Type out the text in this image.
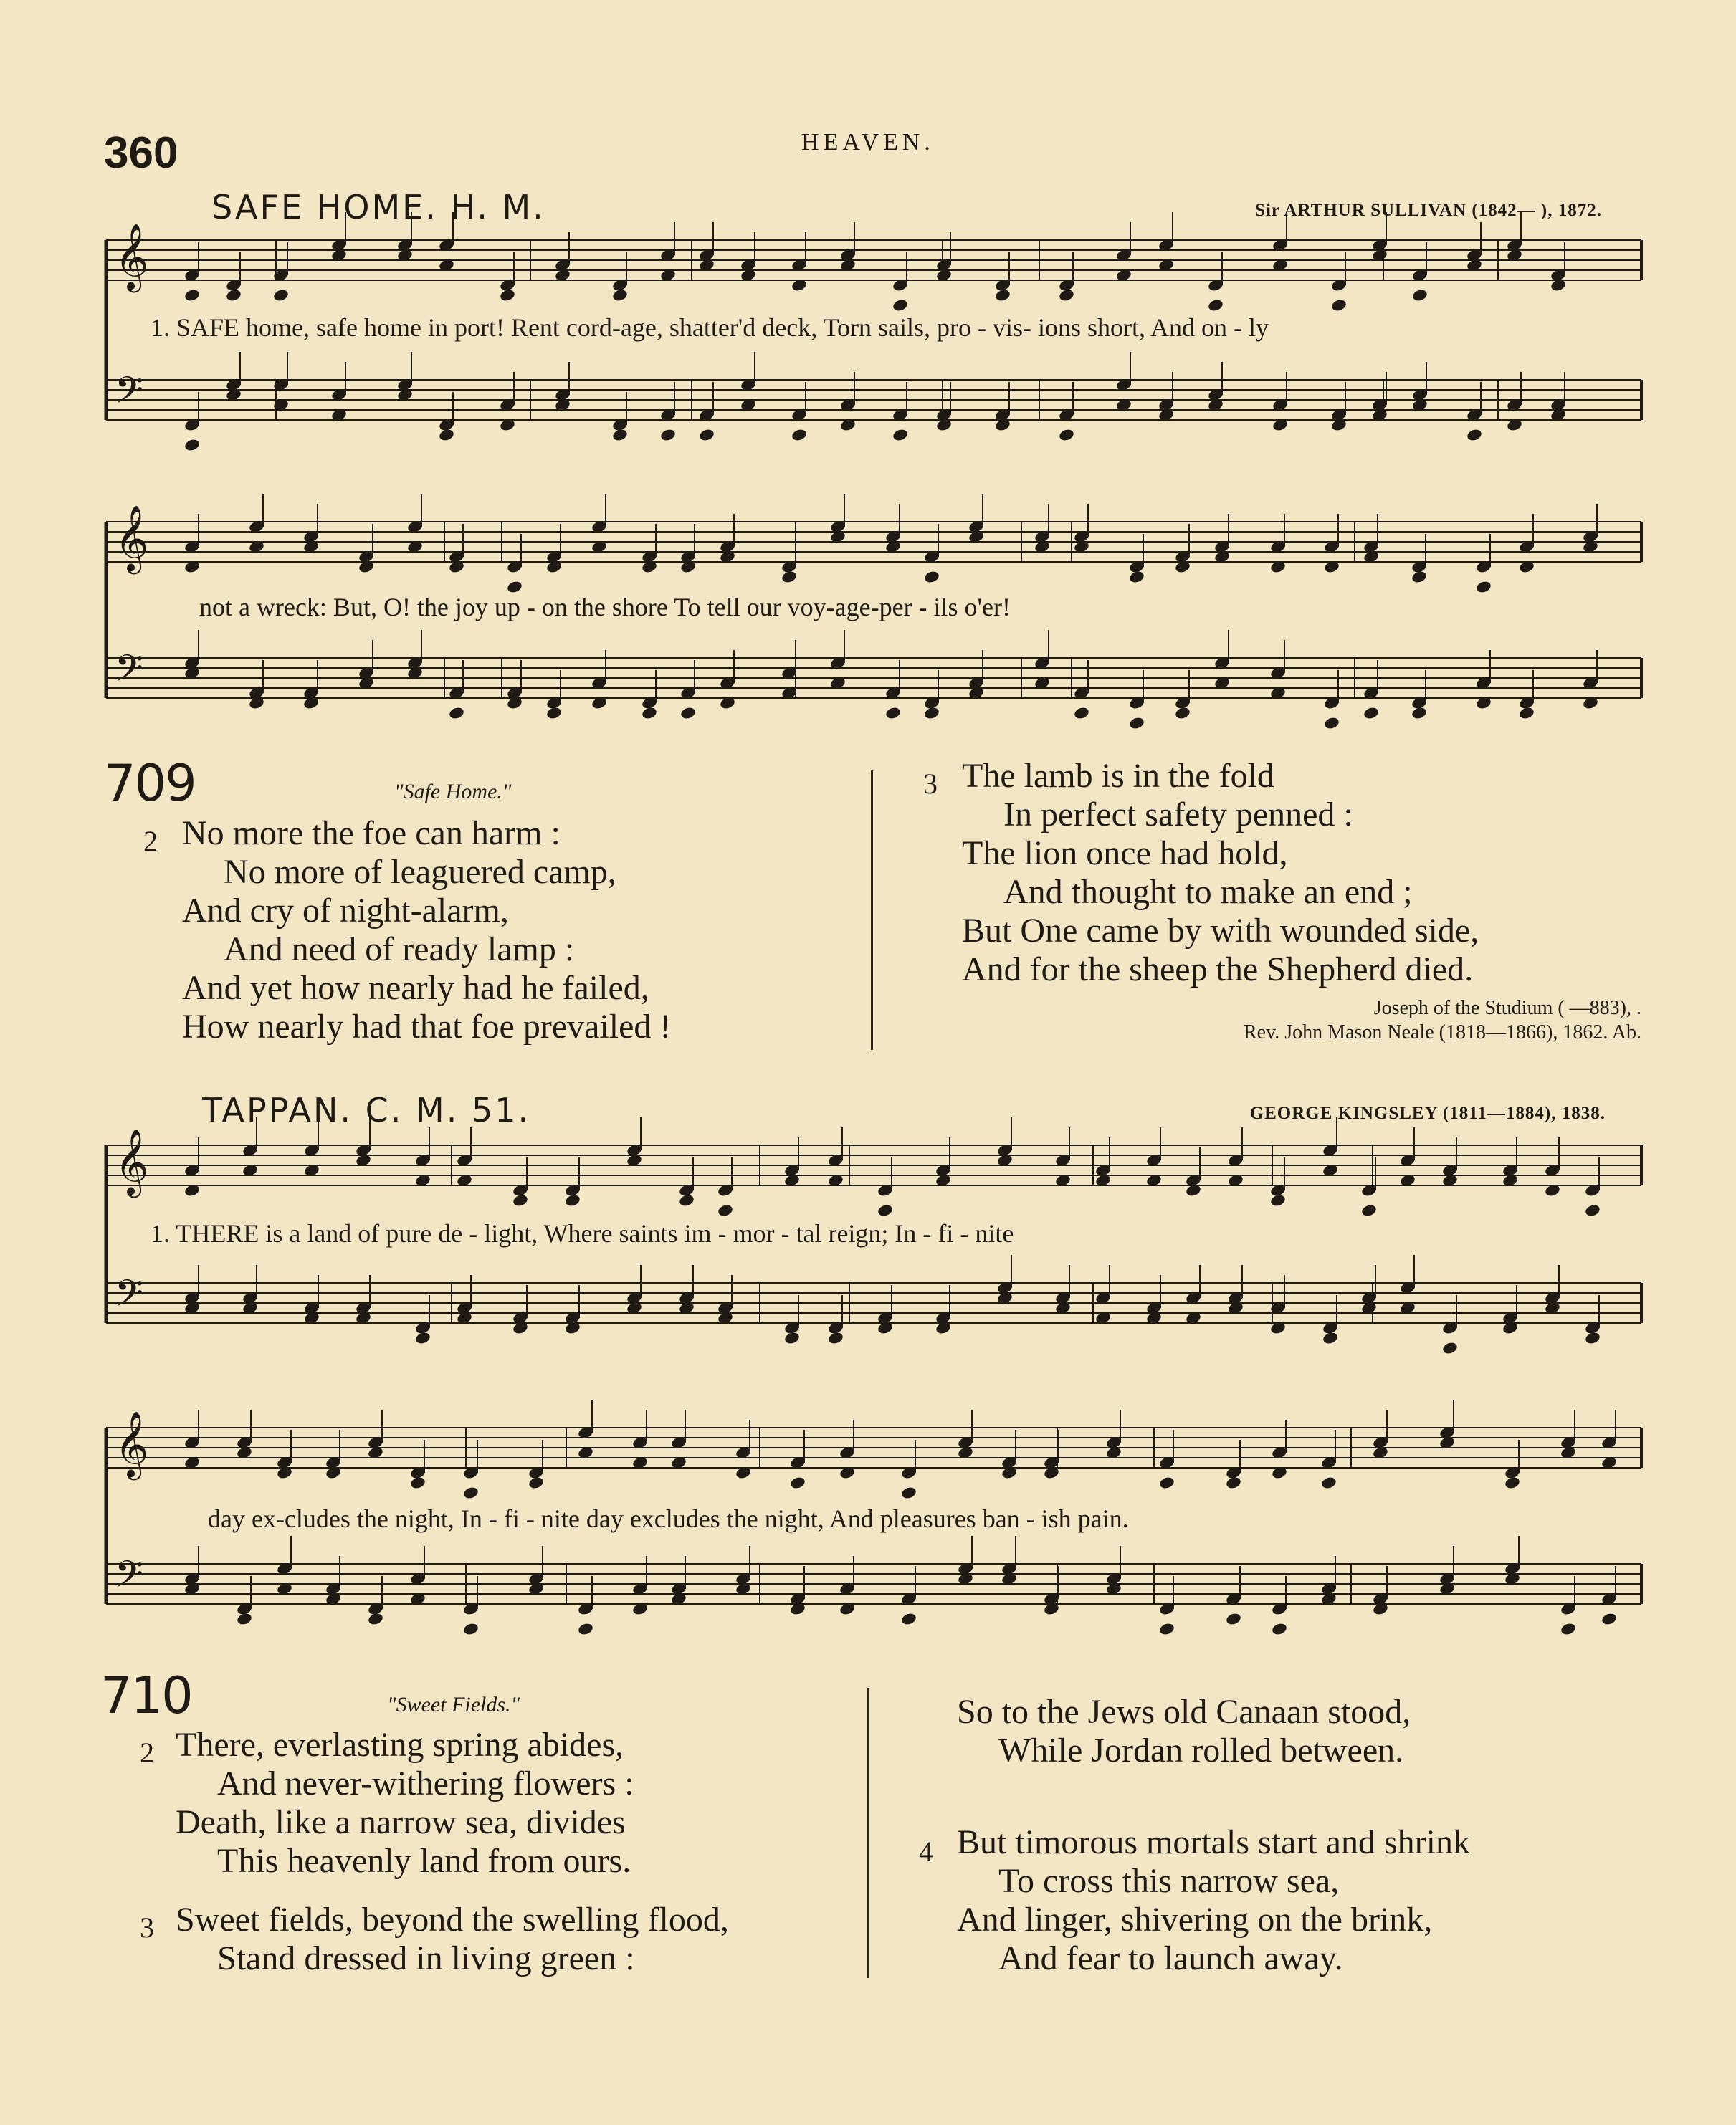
360	HEAVEN.
SAFE HOME. H. M.	Sir ARTHUR SULLIVAN (1842— ), 1872.
𝄞
𝄢
𝄞
𝄢
𝄞
𝄢
𝄞
𝄢
1. SAFE home, safe home in port! Rent cord-age, shatter'd deck, Torn sails, pro - vis- ions short, And on - ly
not a wreck: But, O! the joy up - on the shore To tell our voy-age-per - ils o'er!
709	"Safe Home."
2 No more the foe can harm :
No more of leaguered camp,
And cry of night-alarm,
And need of ready lamp :
And yet how nearly had he failed,
How nearly had that foe prevailed !
3 The lamb is in the fold
In perfect safety penned :
The lion once had hold,
And thought to make an end ;
But One came by with wounded side,
And for the sheep the Shepherd died.
Joseph of the Studium ( —883), .
Rev. John Mason Neale (1818—1866), 1862. Ab.
TAPPAN. C. M. 51.	GEORGE KINGSLEY (1811—1884), 1838.
1. THERE is a land of pure de - light, Where saints im - mor - tal reign; In - fi - nite
day ex-cludes the night, In - fi - nite day excludes the night, And pleasures ban - ish pain.
710	"Sweet Fields."
2 There, everlasting spring abides,
And never-withering flowers :
Death, like a narrow sea, divides
This heavenly land from ours.
3 Sweet fields, beyond the swelling flood,
Stand dressed in living green :
So to the Jews old Canaan stood,
While Jordan rolled between.
4 But timorous mortals start and shrink
To cross this narrow sea,
And linger, shivering on the brink,
And fear to launch away.
